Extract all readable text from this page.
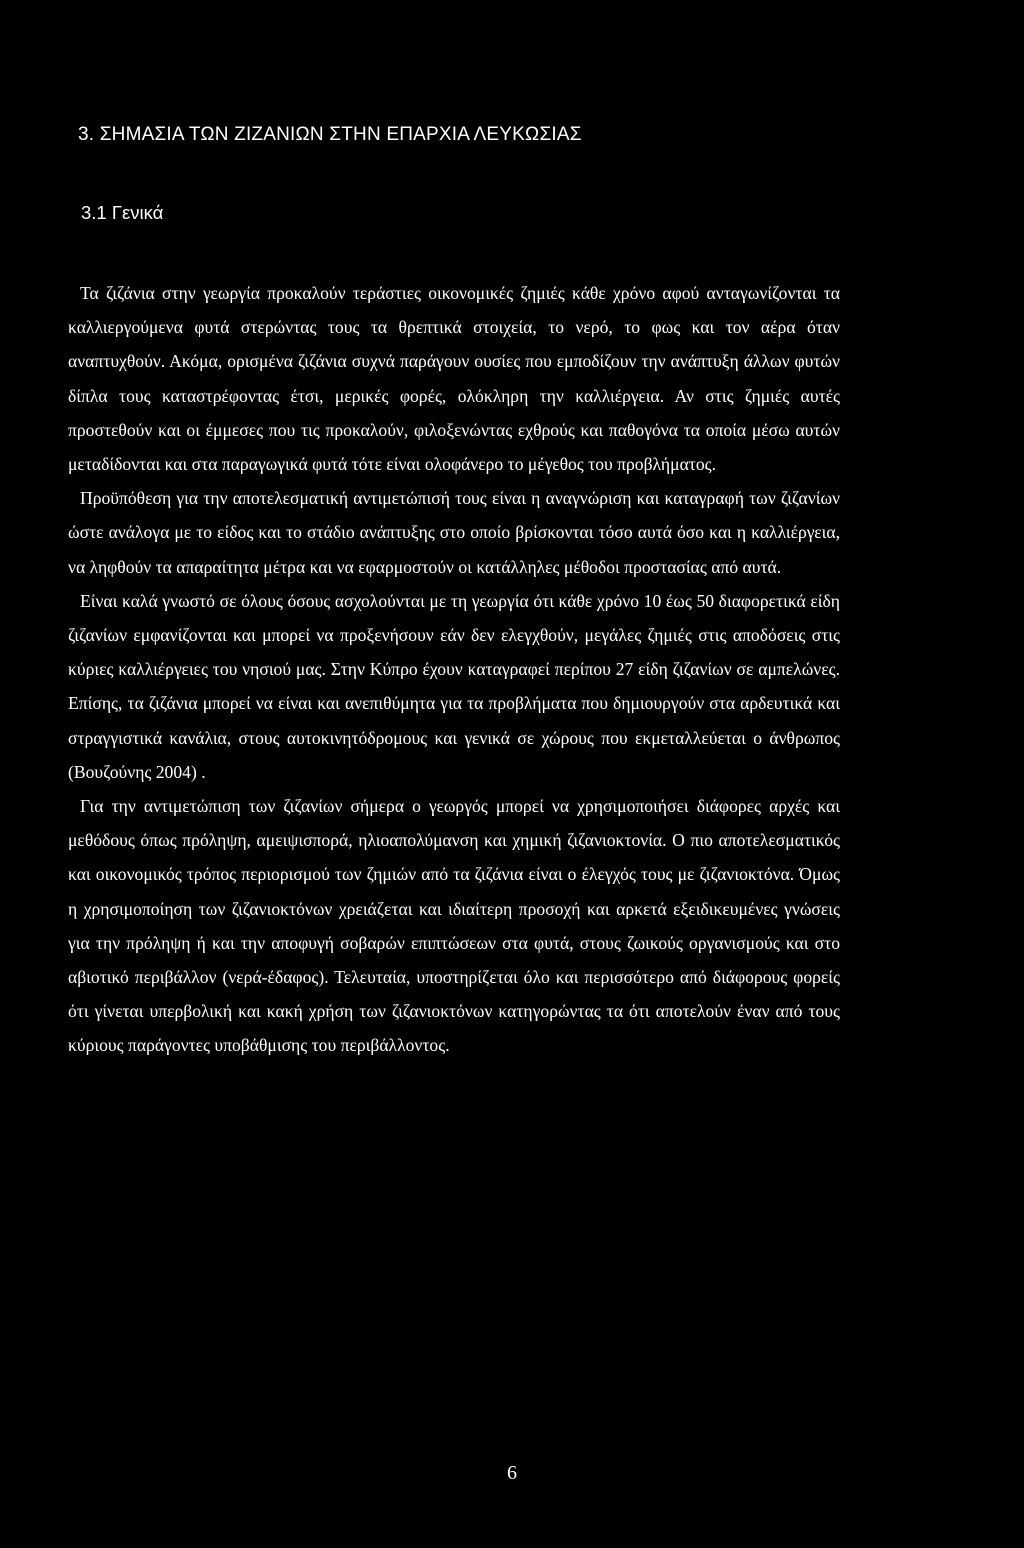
3. ΣΗΜΑΣΙΑ ΤΩΝ ΖΙΖΑΝΙΩΝ ΣΤΗΝ ΕΠΑΡΧΙΑ ΛΕΥΚΩΣΙΑΣ
3.1 Γενικά

Τα ζιζάνια στην γεωργία προκαλούν τεράστιες οικονομικές ζημιές κάθε χρόνο αφού ανταγωνίζονται τα καλλιεργούμενα φυτά στερώντας τους τα θρεπτικά στοιχεία, το νερό, το φως και τον αέρα όταν αναπτυχθούν. Ακόμα, ορισμένα ζιζάνια συχνά παράγουν ουσίες που εμποδίζουν την ανάπτυξη άλλων φυτών δίπλα τους καταστρέφοντας έτσι, μερικές φορές, ολόκληρη την καλλιέργεια. Αν στις ζημιές αυτές προστεθούν και οι έμμεσες που τις προκαλούν, φιλοξενώντας εχθρούς και παθογόνα τα οποία μέσω αυτών μεταδίδονται και στα παραγωγικά φυτά τότε είναι ολοφάνερο το μέγεθος του προβλήματος.

Προϋπόθεση για την αποτελεσματική αντιμετώπισή τους είναι η αναγνώριση και καταγραφή των ζιζανίων ώστε ανάλογα με το είδος και το στάδιο ανάπτυξης στο οποίο βρίσκονται τόσο αυτά όσο και η καλλιέργεια, να ληφθούν τα απαραίτητα μέτρα και να εφαρμοστούν οι κατάλληλες μέθοδοι προστασίας από αυτά.

Είναι καλά γνωστό σε όλους όσους ασχολούνται με τη γεωργία ότι κάθε χρόνο 10 έως 50 διαφορετικά είδη ζιζανίων εμφανίζονται και μπορεί να προξενήσουν εάν δεν ελεγχθούν, μεγάλες ζημιές στις αποδόσεις στις κύριες καλλιέργειες του νησιού μας. Στην Κύπρο έχουν καταγραφεί περίπου 27 είδη ζιζανίων σε αμπελώνες. Επίσης, τα ζιζάνια μπορεί να είναι και ανεπιθύμητα για τα προβλήματα που δημιουργούν στα αρδευτικά και στραγγιστικά κανάλια, στους αυτοκινητόδρομους και γενικά σε χώρους που εκμεταλλεύεται ο άνθρωπος (Βουζούνης 2004) .

Για την αντιμετώπιση των ζιζανίων σήμερα ο γεωργός μπορεί να χρησιμοποιήσει διάφορες αρχές και μεθόδους όπως πρόληψη, αμειψισπορά, ηλιοαπολύμανση και χημική ζιζανιοκτονία. Ο πιο αποτελεσματικός και οικονομικός τρόπος περιορισμού των ζημιών από τα ζιζάνια είναι ο έλεγχός τους με ζιζανιοκτόνα. Όμως η χρησιμοποίηση των ζιζανιοκτόνων χρειάζεται και ιδιαίτερη προσοχή και αρκετά εξειδικευμένες γνώσεις για την πρόληψη ή και την αποφυγή σοβαρών επιπτώσεων στα φυτά, στους ζωικούς οργανισμούς και στο αβιοτικό περιβάλλον (νερά-έδαφος). Τελευταία, υποστηρίζεται όλο και περισσότερο από διάφορους φορείς ότι γίνεται υπερβολική και κακή χρήση των ζιζανιοκτόνων κατηγορώντας τα ότι αποτελούν έναν από τους κύριους παράγοντες υποβάθμισης του περιβάλλοντος.

6
